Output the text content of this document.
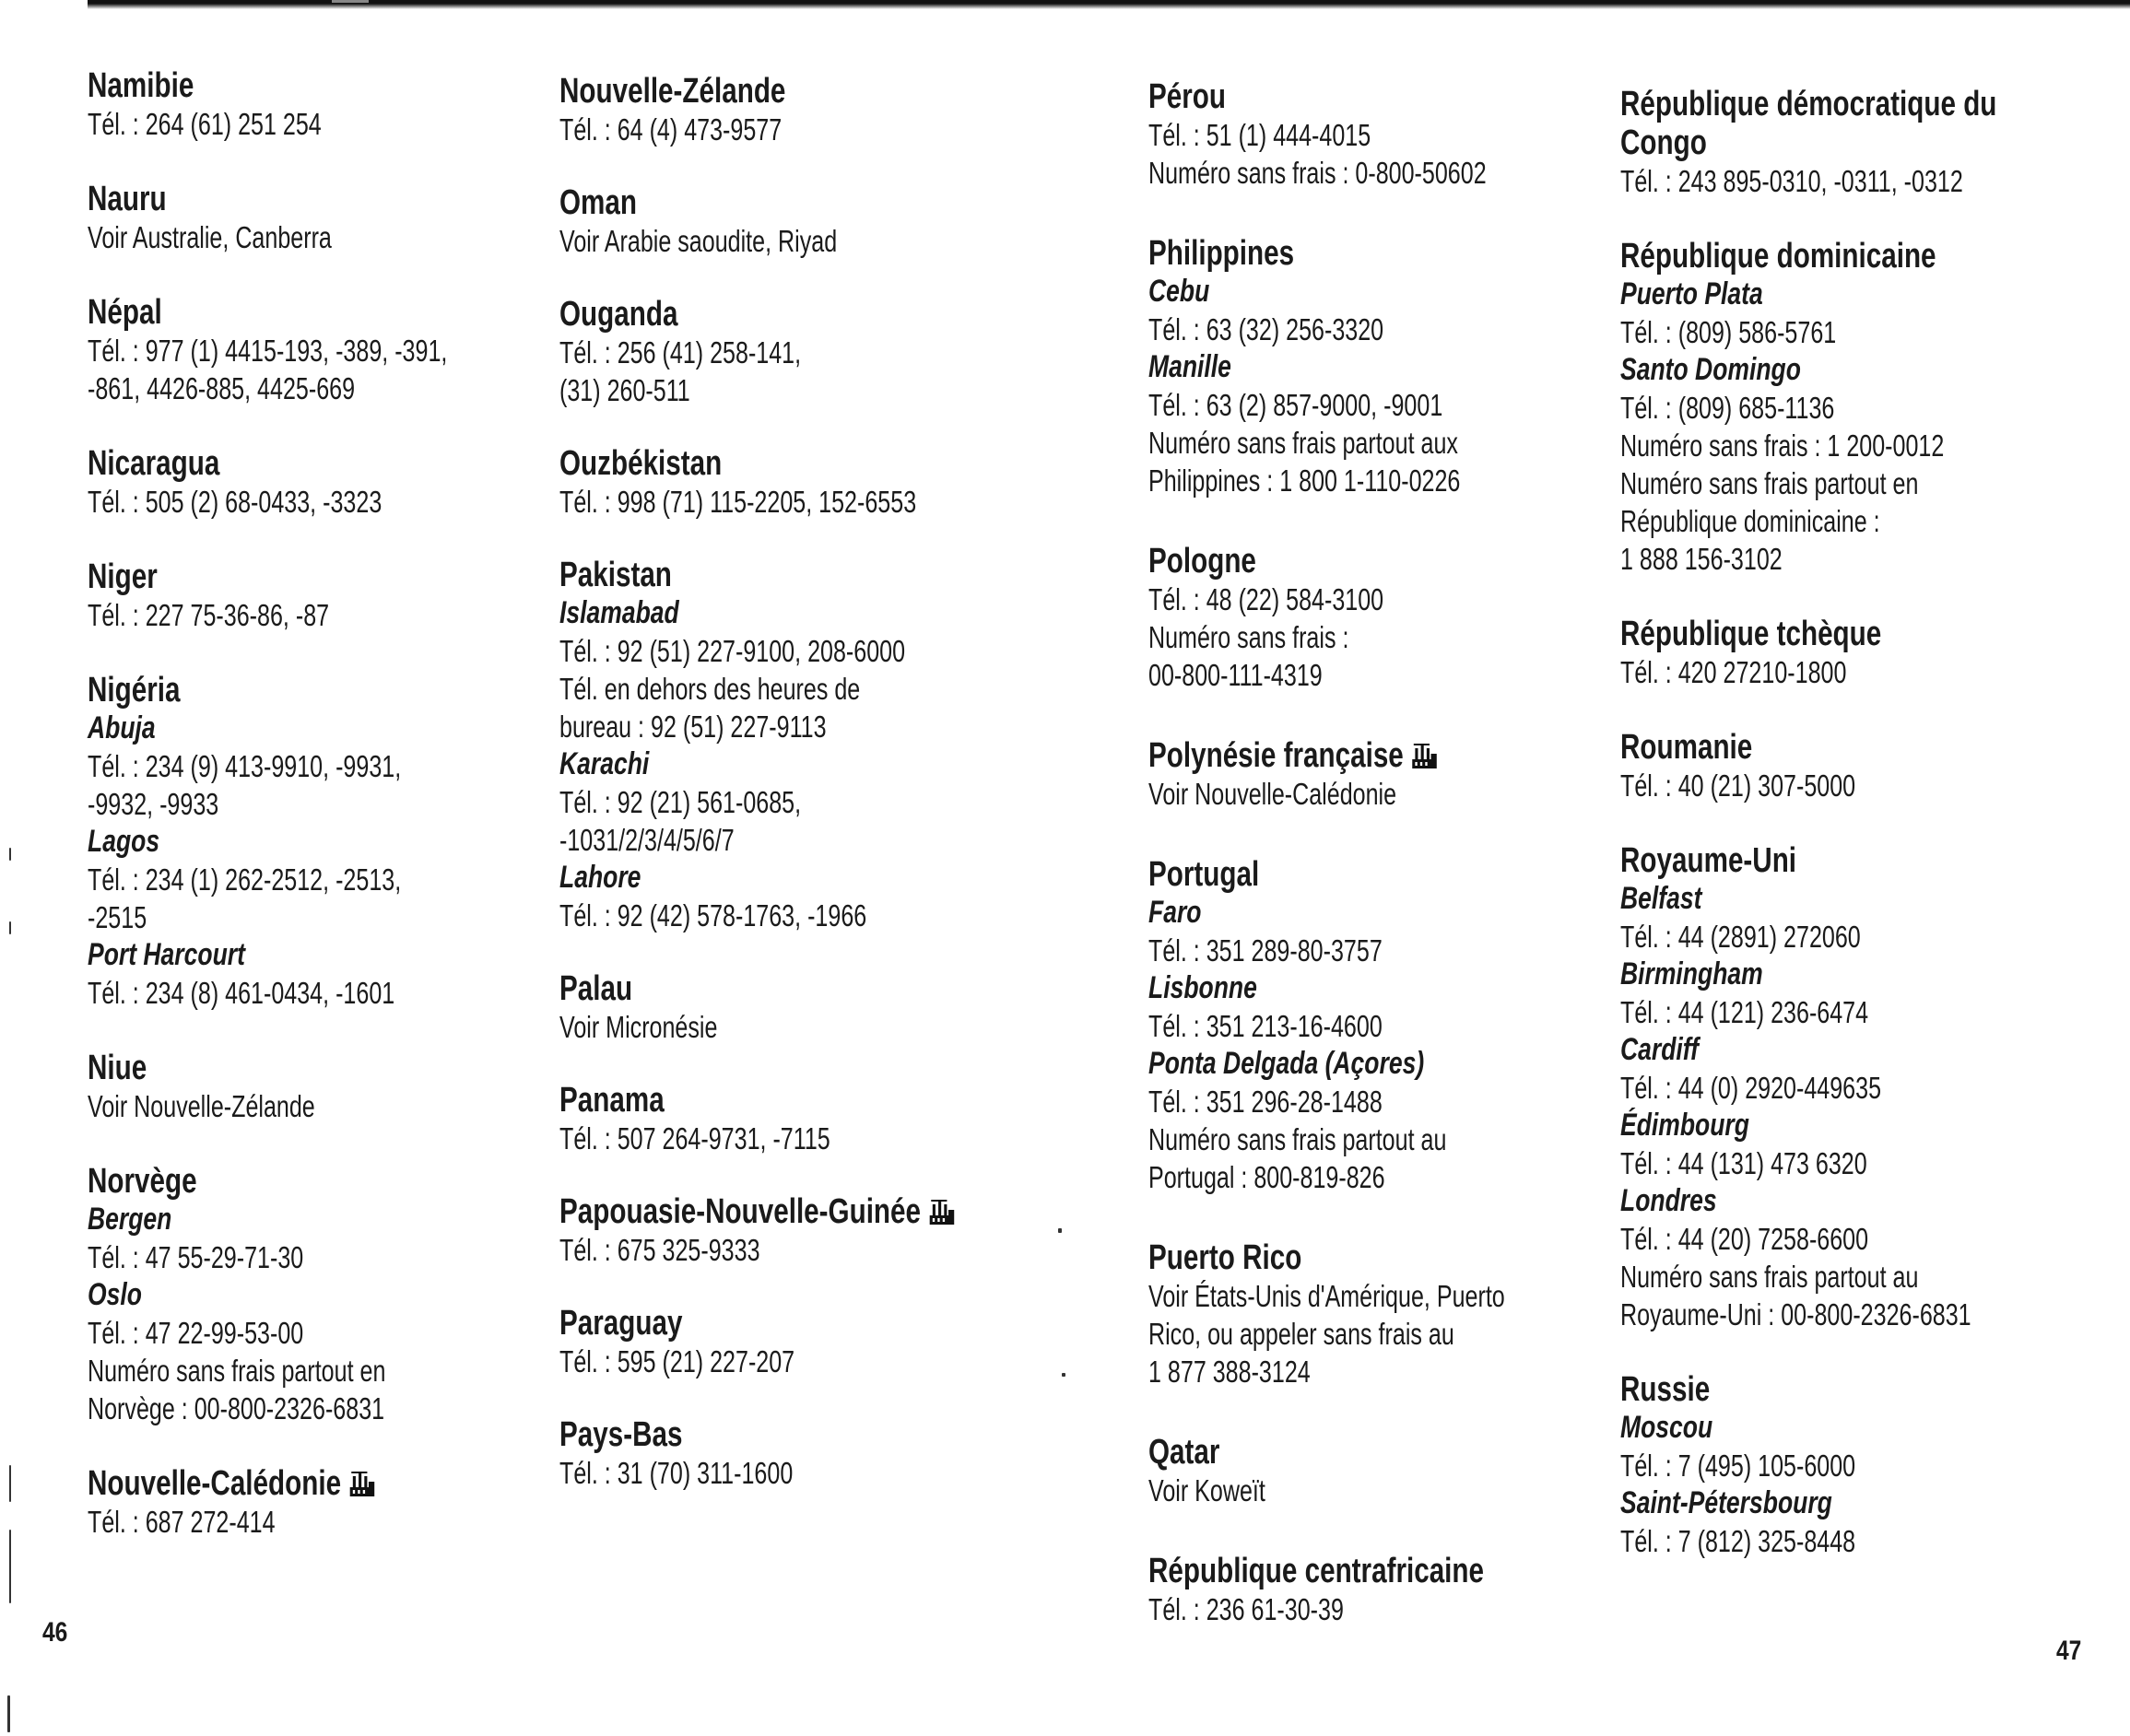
Namibie
Tél. : 264 (61) 251 254
Nauru
Voir Australie, Canberra
Népal
Tél. : 977 (1) 4415-193, -389, -391,
-861, 4426-885, 4425-669
Nicaragua
Tél. : 505 (2) 68-0433, -3323
Niger
Tél. : 227 75-36-86, -87
Nigéria
Abuja
Tél. : 234 (9) 413-9910, -9931,
-9932, -9933
Lagos
Tél. : 234 (1) 262-2512, -2513,
-2515
Port Harcourt
Tél. : 234 (8) 461-0434, -1601
Niue
Voir Nouvelle-Zélande
Norvège
Bergen
Tél. : 47 55-29-71-30
Oslo
Tél. : 47 22-99-53-00
Numéro sans frais partout en
Norvège : 00-800-2326-6831
Nouvelle-Calédonie
Tél. : 687 272-414
Nouvelle-Zélande
Tél. : 64 (4) 473-9577
Oman
Voir Arabie saoudite, Riyad
Ouganda
Tél. : 256 (41) 258-141,
(31) 260-511
Ouzbékistan
Tél. : 998 (71) 115-2205, 152-6553
Pakistan
Islamabad
Tél. : 92 (51) 227-9100, 208-6000
Tél. en dehors des heures de
bureau : 92 (51) 227-9113
Karachi
Tél. : 92 (21) 561-0685,
-1031/2/3/4/5/6/7
Lahore
Tél. : 92 (42) 578-1763, -1966
Palau
Voir Micronésie
Panama
Tél. : 507 264-9731, -7115
Papouasie-Nouvelle-Guinée
Tél. : 675 325-9333
Paraguay
Tél. : 595 (21) 227-207
Pays-Bas
Tél. : 31 (70) 311-1600
Pérou
Tél. : 51 (1) 444-4015
Numéro sans frais : 0-800-50602
Philippines
Cebu
Tél. : 63 (32) 256-3320
Manille
Tél. : 63 (2) 857-9000, -9001
Numéro sans frais partout aux
Philippines : 1 800 1-110-0226
Pologne
Tél. : 48 (22) 584-3100
Numéro sans frais :
00-800-111-4319
Polynésie française
Voir Nouvelle-Calédonie
Portugal
Faro
Tél. : 351 289-80-3757
Lisbonne
Tél. : 351 213-16-4600
Ponta Delgada (Açores)
Tél. : 351 296-28-1488
Numéro sans frais partout au
Portugal : 800-819-826
Puerto Rico
Voir États-Unis d'Amérique, Puerto
Rico, ou appeler sans frais au
1 877 388-3124
Qatar
Voir Koweït
République centrafricaine
Tél. : 236 61-30-39
République démocratique du
Congo
Tél. : 243 895-0310, -0311, -0312
République dominicaine
Puerto Plata
Tél. : (809) 586-5761
Santo Domingo
Tél. : (809) 685-1136
Numéro sans frais : 1 200-0012
Numéro sans frais partout en
République dominicaine :
1 888 156-3102
République tchèque
Tél. : 420 27210-1800
Roumanie
Tél. : 40 (21) 307-5000
Royaume-Uni
Belfast
Tél. : 44 (2891) 272060
Birmingham
Tél. : 44 (121) 236-6474
Cardiff
Tél. : 44 (0) 2920-449635
Édimbourg
Tél. : 44 (131) 473 6320
Londres
Tél. : 44 (20) 7258-6600
Numéro sans frais partout au
Royaume-Uni : 00-800-2326-6831
Russie
Moscou
Tél. : 7 (495) 105-6000
Saint-Pétersbourg
Tél. : 7 (812) 325-8448
46
47
